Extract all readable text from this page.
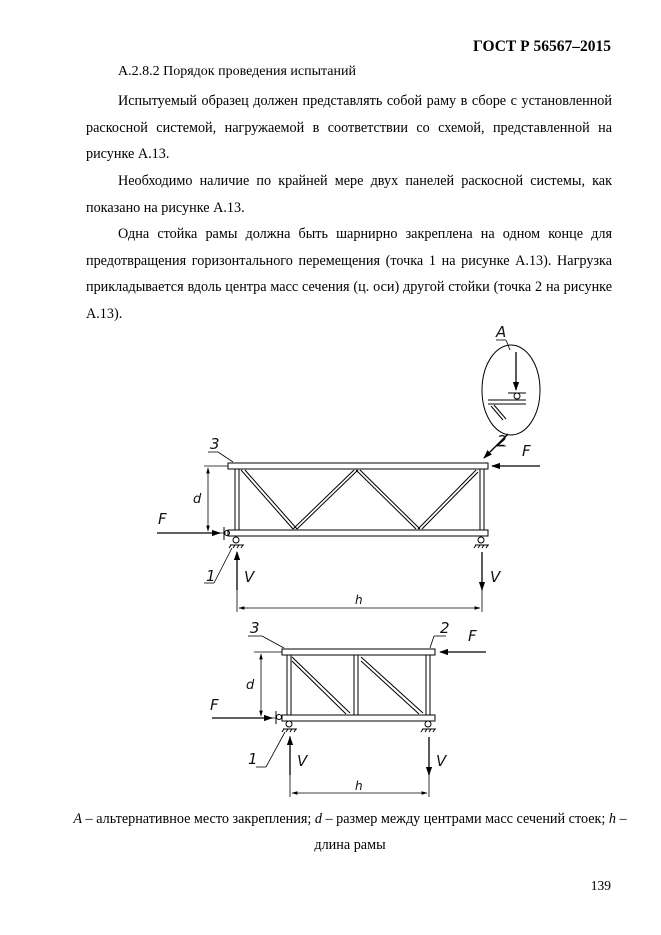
ГОСТ Р 56567–2015
А.2.8.2 Порядок проведения испытаний

Испытуемый образец должен представлять собой раму в сборе с установленной раскосной системой, нагружаемой в соответствии со схемой, представленной на рисунке А.13.

Необходимо наличие по крайней мере двух панелей раскосной системы, как показано на рисунке А.13.

Одна стойка рамы должна быть шарнирно закреплена на одном конце для предотвращения горизонтального перемещения (точка 1 на рисунке А.13). Нагрузка прикладывается вдоль центра масс сечения (ц. оси) другой стойки (точка 2 на рисунке А.13).

A
3	2
F
F
d
1 V	V
h
3	2 F
d
F
1	V	V
h

А – альтернативное место закрепления; d – размер между центрами масс сечений стоек; h – длина рамы

139
